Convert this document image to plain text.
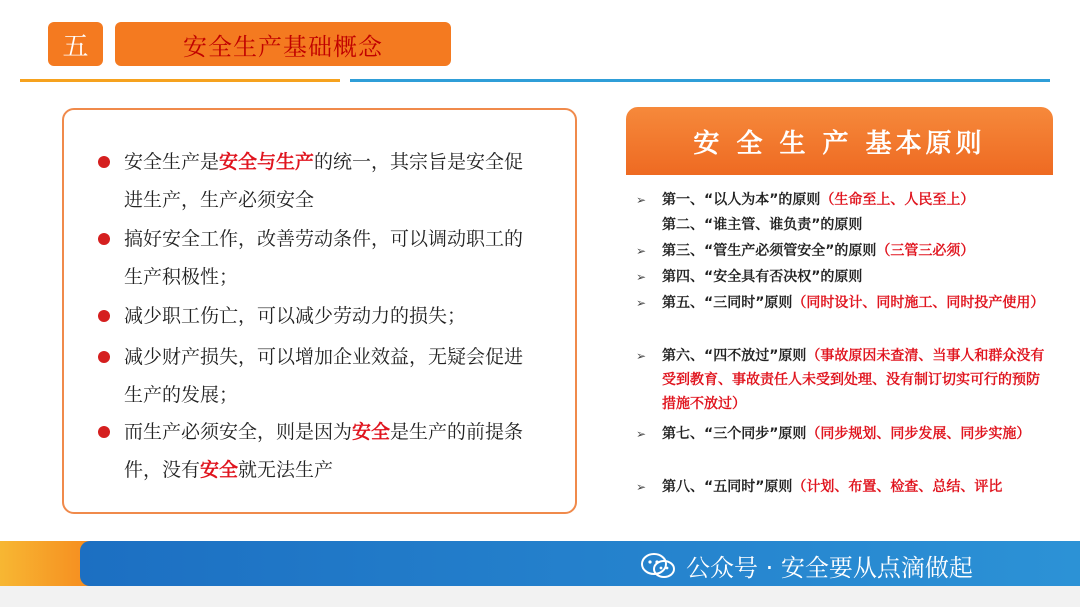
五	安全生产基础概念
安全生产是安全与生产的统一，其宗旨是安全促进生产，生产必须安全
搞好安全工作，改善劳动条件，可以调动职工的生产积极性；
减少职工伤亡，可以减少劳动力的损失；
减少财产损失，可以增加企业效益，无疑会促进生产的发展；
而生产必须安全，则是因为安全是生产的前提条件，没有安全就无法生产
安 全 生 产 基本原则
➢ 第一、“以人为本”的原则（生命至上、人民至上）
第二、“谁主管、谁负责”的原则
➢ 第三、“管生产必须管安全”的原则（三管三必须）
➢ 第四、“安全具有否决权”的原则
➢ 第五、“三同时”原则（同时设计、同时施工、同时投产使用）
➢ 第六、“四不放过”原则（事故原因未查清、当事人和群众没有受到教育、事故责任人未受到处理、没有制订切实可行的预防措施不放过）
➢ 第七、“三个同步”原则（同步规划、同步发展、同步实施）
➢ 第八、“五同时”原则（计划、布置、检查、总结、评比
公众号 · 安全要从点滴做起
